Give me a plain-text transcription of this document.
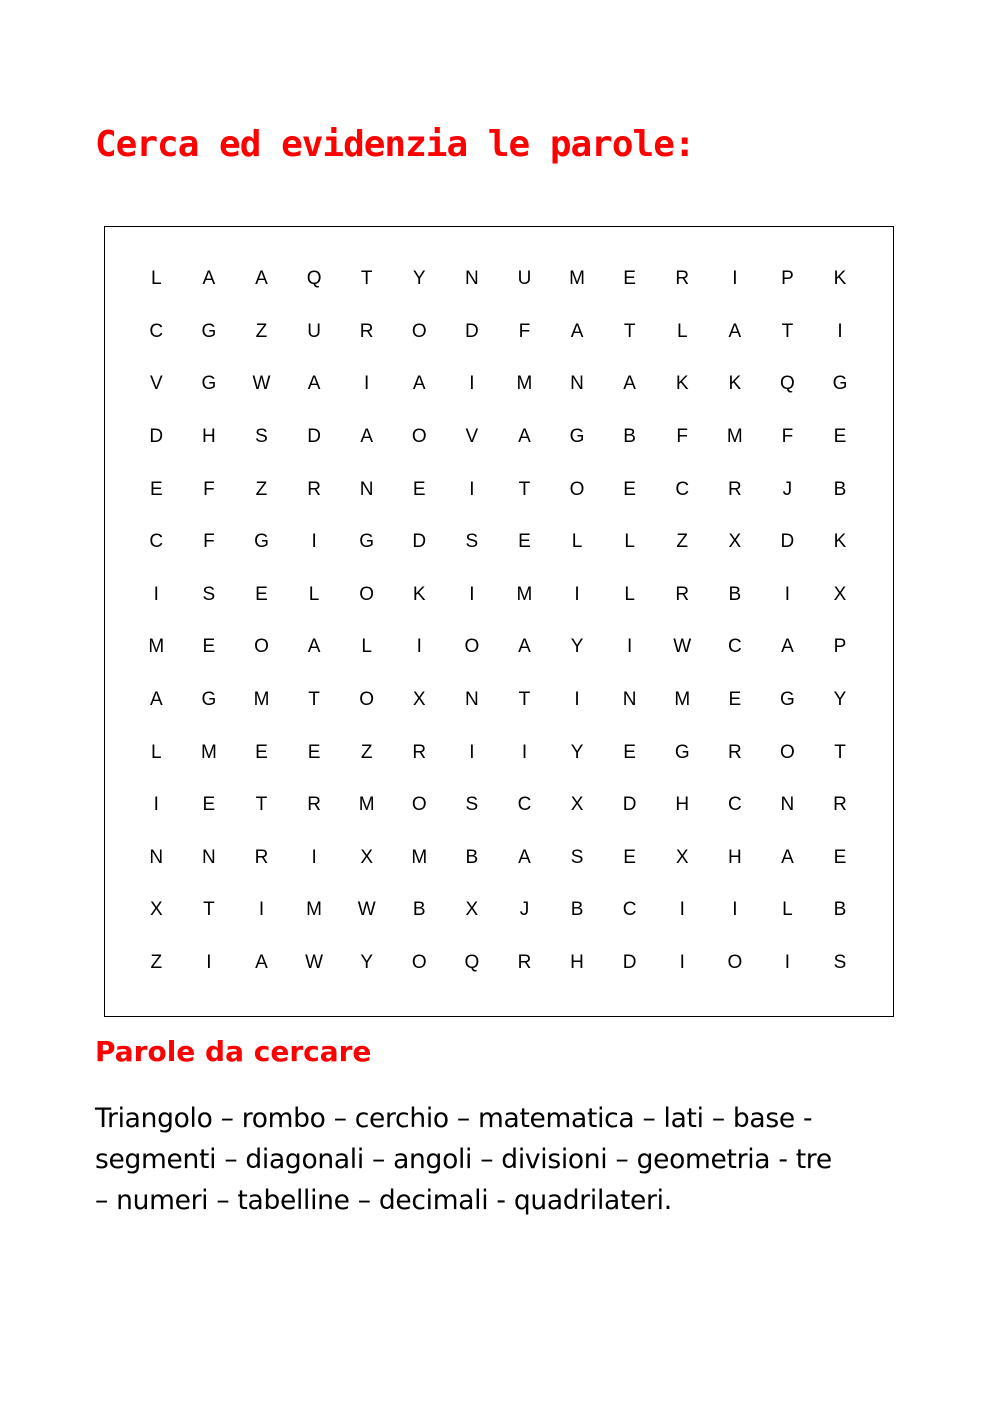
Cerca ed evidenzia le parole:
L	A	A	Q	T	Y	N	U	M	E	R	I	P	K
C	G	Z	U	R	O	D	F	A	T	L	A	T	I
V	G	W	A	I	A	I	M	N	A	K	K	Q	G
D	H	S	D	A	O	V	A	G	B	F	M	F	E
E	F	Z	R	N	E	I	T	O	E	C	R	J	B
C	F	G	I	G	D	S	E	L	L	Z	X	D	K
I	S	E	L	O	K	I	M	I	L	R	B	I	X
M	E	O	A	L	I	O	A	Y	I	W	C	A	P
A	G	M	T	O	X	N	T	I	N	M	E	G	Y
L	M	E	E	Z	R	I	I	Y	E	G	R	O	T
I	E	T	R	M	O	S	C	X	D	H	C	N	R
N	N	R	I	X	M	B	A	S	E	X	H	A	E
X	T	I	M	W	B	X	J	B	C	I	I	L	B
Z	I	A	W	Y	O	Q	R	H	D	I	O	I	S
Parole da cercare

Triangolo – rombo – cerchio – matematica – lati – base -
segmenti – diagonali – angoli – divisioni – geometria - tre
– numeri – tabelline – decimali - quadrilateri.
